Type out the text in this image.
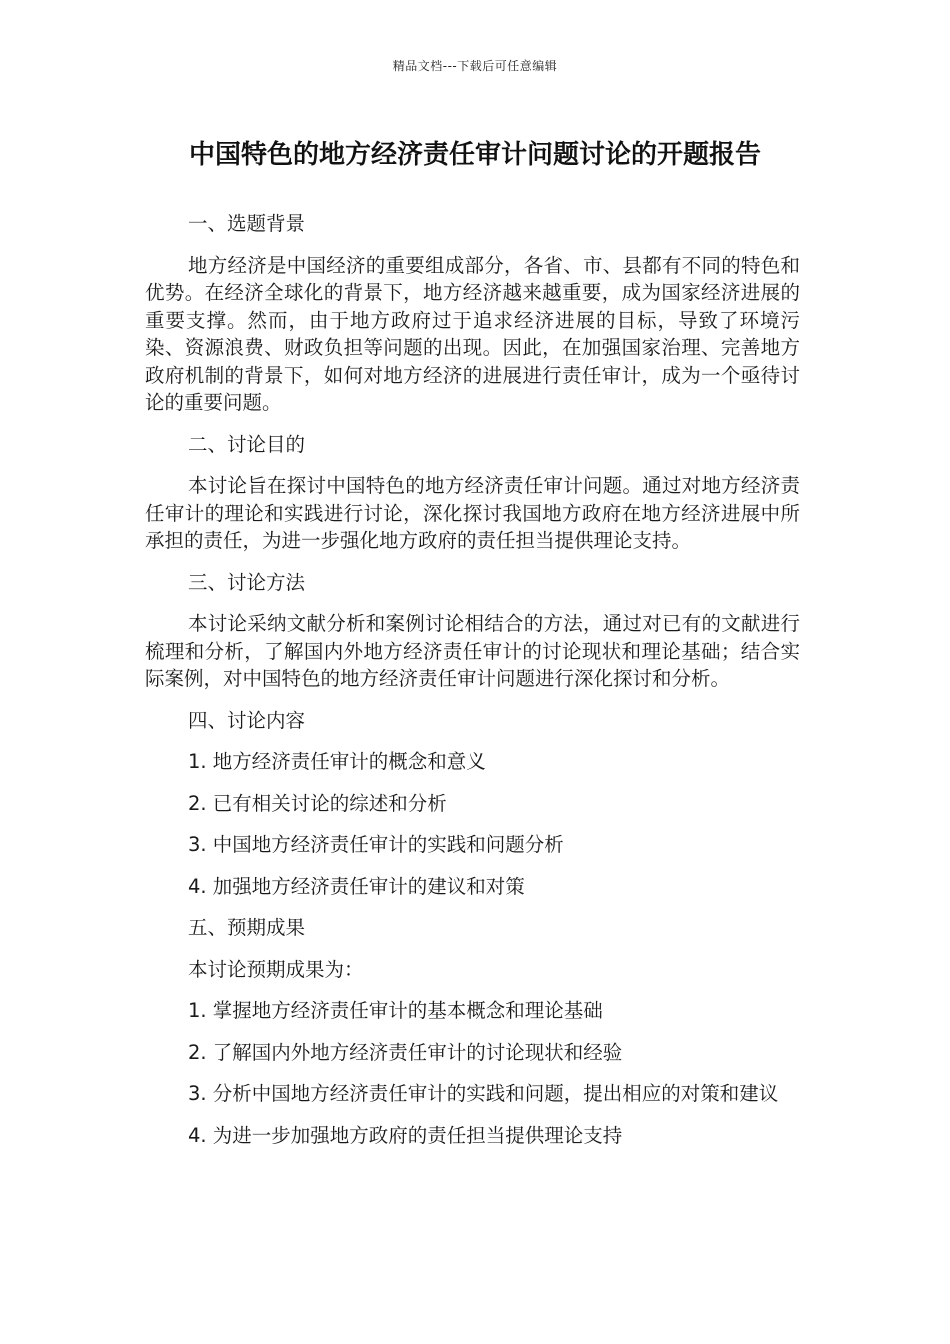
精品文档---下载后可任意编辑
中国特色的地方经济责任审计问题讨论的开题报告

一、选题背景

地方经济是中国经济的重要组成部分，各省、市、县都有不同的特色和优势。在经济全球化的背景下，地方经济越来越重要，成为国家经济进展的重要支撑。然而，由于地方政府过于追求经济进展的目标，导致了环境污染、资源浪费、财政负担等问题的出现。因此，在加强国家治理、完善地方政府机制的背景下，如何对地方经济的进展进行责任审计，成为一个亟待讨论的重要问题。

二、讨论目的

本讨论旨在探讨中国特色的地方经济责任审计问题。通过对地方经济责任审计的理论和实践进行讨论，深化探讨我国地方政府在地方经济进展中所承担的责任，为进一步强化地方政府的责任担当提供理论支持。

三、讨论方法

本讨论采纳文献分析和案例讨论相结合的方法，通过对已有的文献进行梳理和分析，了解国内外地方经济责任审计的讨论现状和理论基础；结合实际案例，对中国特色的地方经济责任审计问题进行深化探讨和分析。

四、讨论内容

1. 地方经济责任审计的概念和意义

2. 已有相关讨论的综述和分析

3. 中国地方经济责任审计的实践和问题分析

4. 加强地方经济责任审计的建议和对策

五、预期成果

本讨论预期成果为：

1. 掌握地方经济责任审计的基本概念和理论基础

2. 了解国内外地方经济责任审计的讨论现状和经验

3. 分析中国地方经济责任审计的实践和问题，提出相应的对策和建议

4. 为进一步加强地方政府的责任担当提供理论支持
